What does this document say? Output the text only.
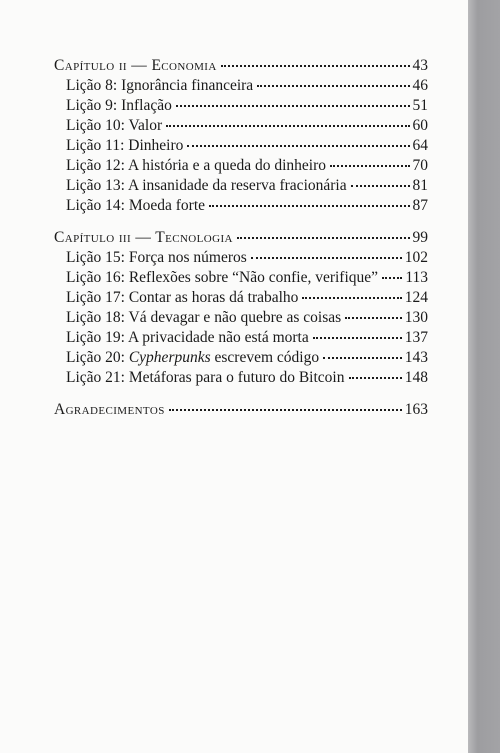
Capítulo ii — Economia	43
Lição 8: Ignorância financeira	46
Lição 9: Inflação	51
Lição 10: Valor	60
Lição 11: Dinheiro	64
Lição 12: A história e a queda do dinheiro	70
Lição 13: A insanidade da reserva fracionária	81
Lição 14: Moeda forte	87
Capítulo iii — Tecnologia	99
Lição 15: Força nos números	102
Lição 16: Reflexões sobre “Não confie, verifique” 113
Lição 17: Contar as horas dá trabalho	124
Lição 18: Vá devagar e não quebre as coisas	130
Lição 19: A privacidade não está morta	137
Lição 20: Cypherpunks escrevem código	143
Lição 21: Metáforas para o futuro do Bitcoin	148
Agradecimentos	163
